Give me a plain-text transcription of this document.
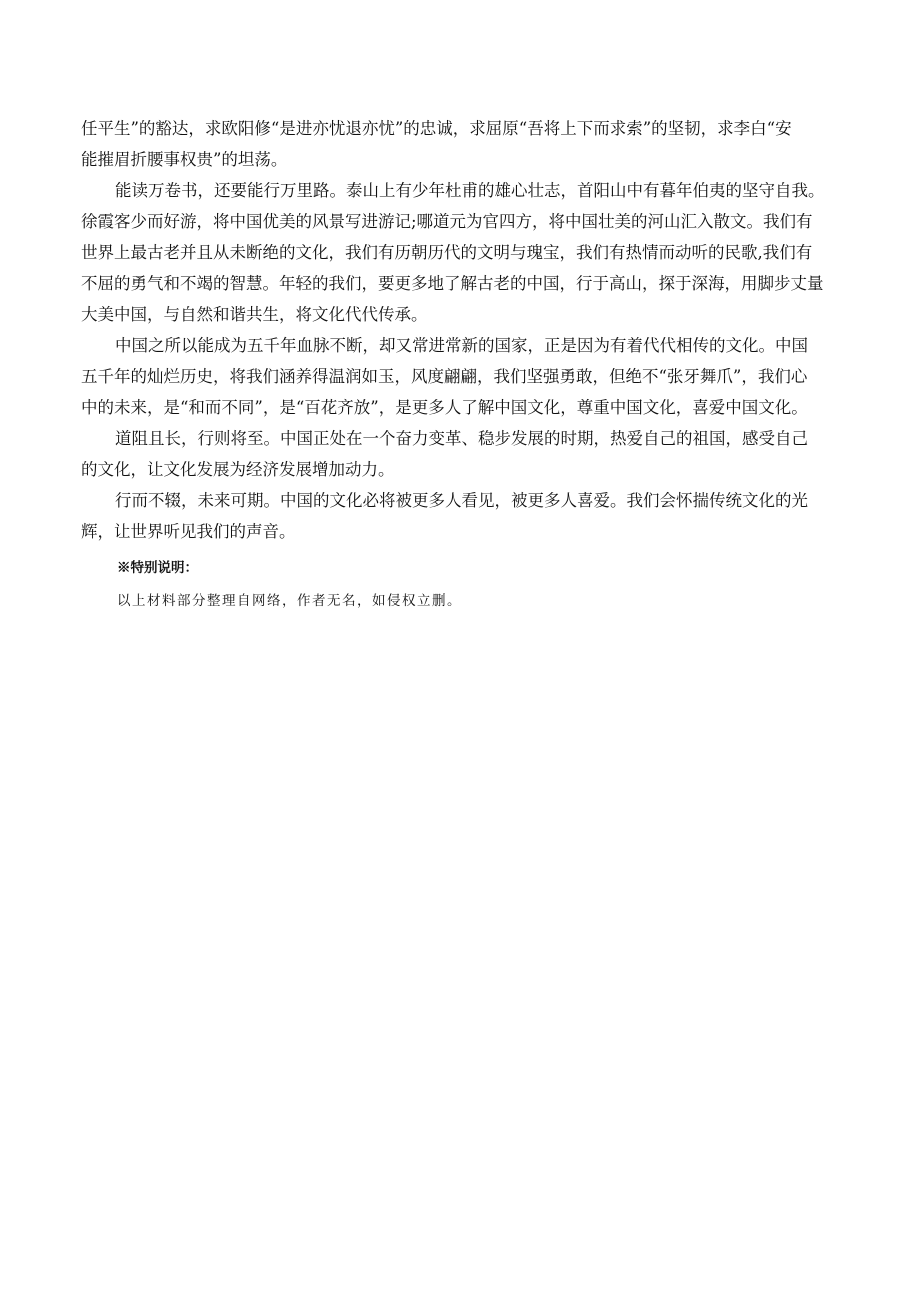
任平生”的豁达，求欧阳修“是进亦忧退亦忧”的忠诚，求屈原“吾将上下而求索”的坚韧，求李白“安
能摧眉折腰事权贵”的坦荡。

能读万卷书，还要能行万里路。泰山上有少年杜甫的雄心壮志，首阳山中有暮年伯夷的坚守自我。
徐霞客少而好游，将中国优美的风景写进游记;哪道元为官四方，将中国壮美的河山汇入散文。我们有
世界上最古老并且从未断绝的文化，我们有历朝历代的文明与瑰宝，我们有热情而动听的民歌,我们有
不屈的勇气和不竭的智慧。年轻的我们，要更多地了解古老的中国，行于高山，探于深海，用脚步丈量
大美中国，与自然和谐共生，将文化代代传承。

中国之所以能成为五千年血脉不断，却又常进常新的国家，正是因为有着代代相传的文化。中国
五千年的灿烂历史，将我们涵养得温润如玉，风度翩翩，我们坚强勇敢，但绝不“张牙舞爪”，我们心
中的未来，是“和而不同”，是“百花齐放”，是更多人了解中国文化，尊重中国文化，喜爱中国文化。

道阻且长，行则将至。中国正处在一个奋力变革、稳步发展的时期，热爱自己的祖国，感受自己
的文化，让文化发展为经济发展增加动力。

行而不辍，未来可期。中国的文化必将被更多人看见，被更多人喜爱。我们会怀揣传统文化的光
辉，让世界听见我们的声音。

※特别说明：
以上材料部分整理自网络，作者无名，如侵权立删。
